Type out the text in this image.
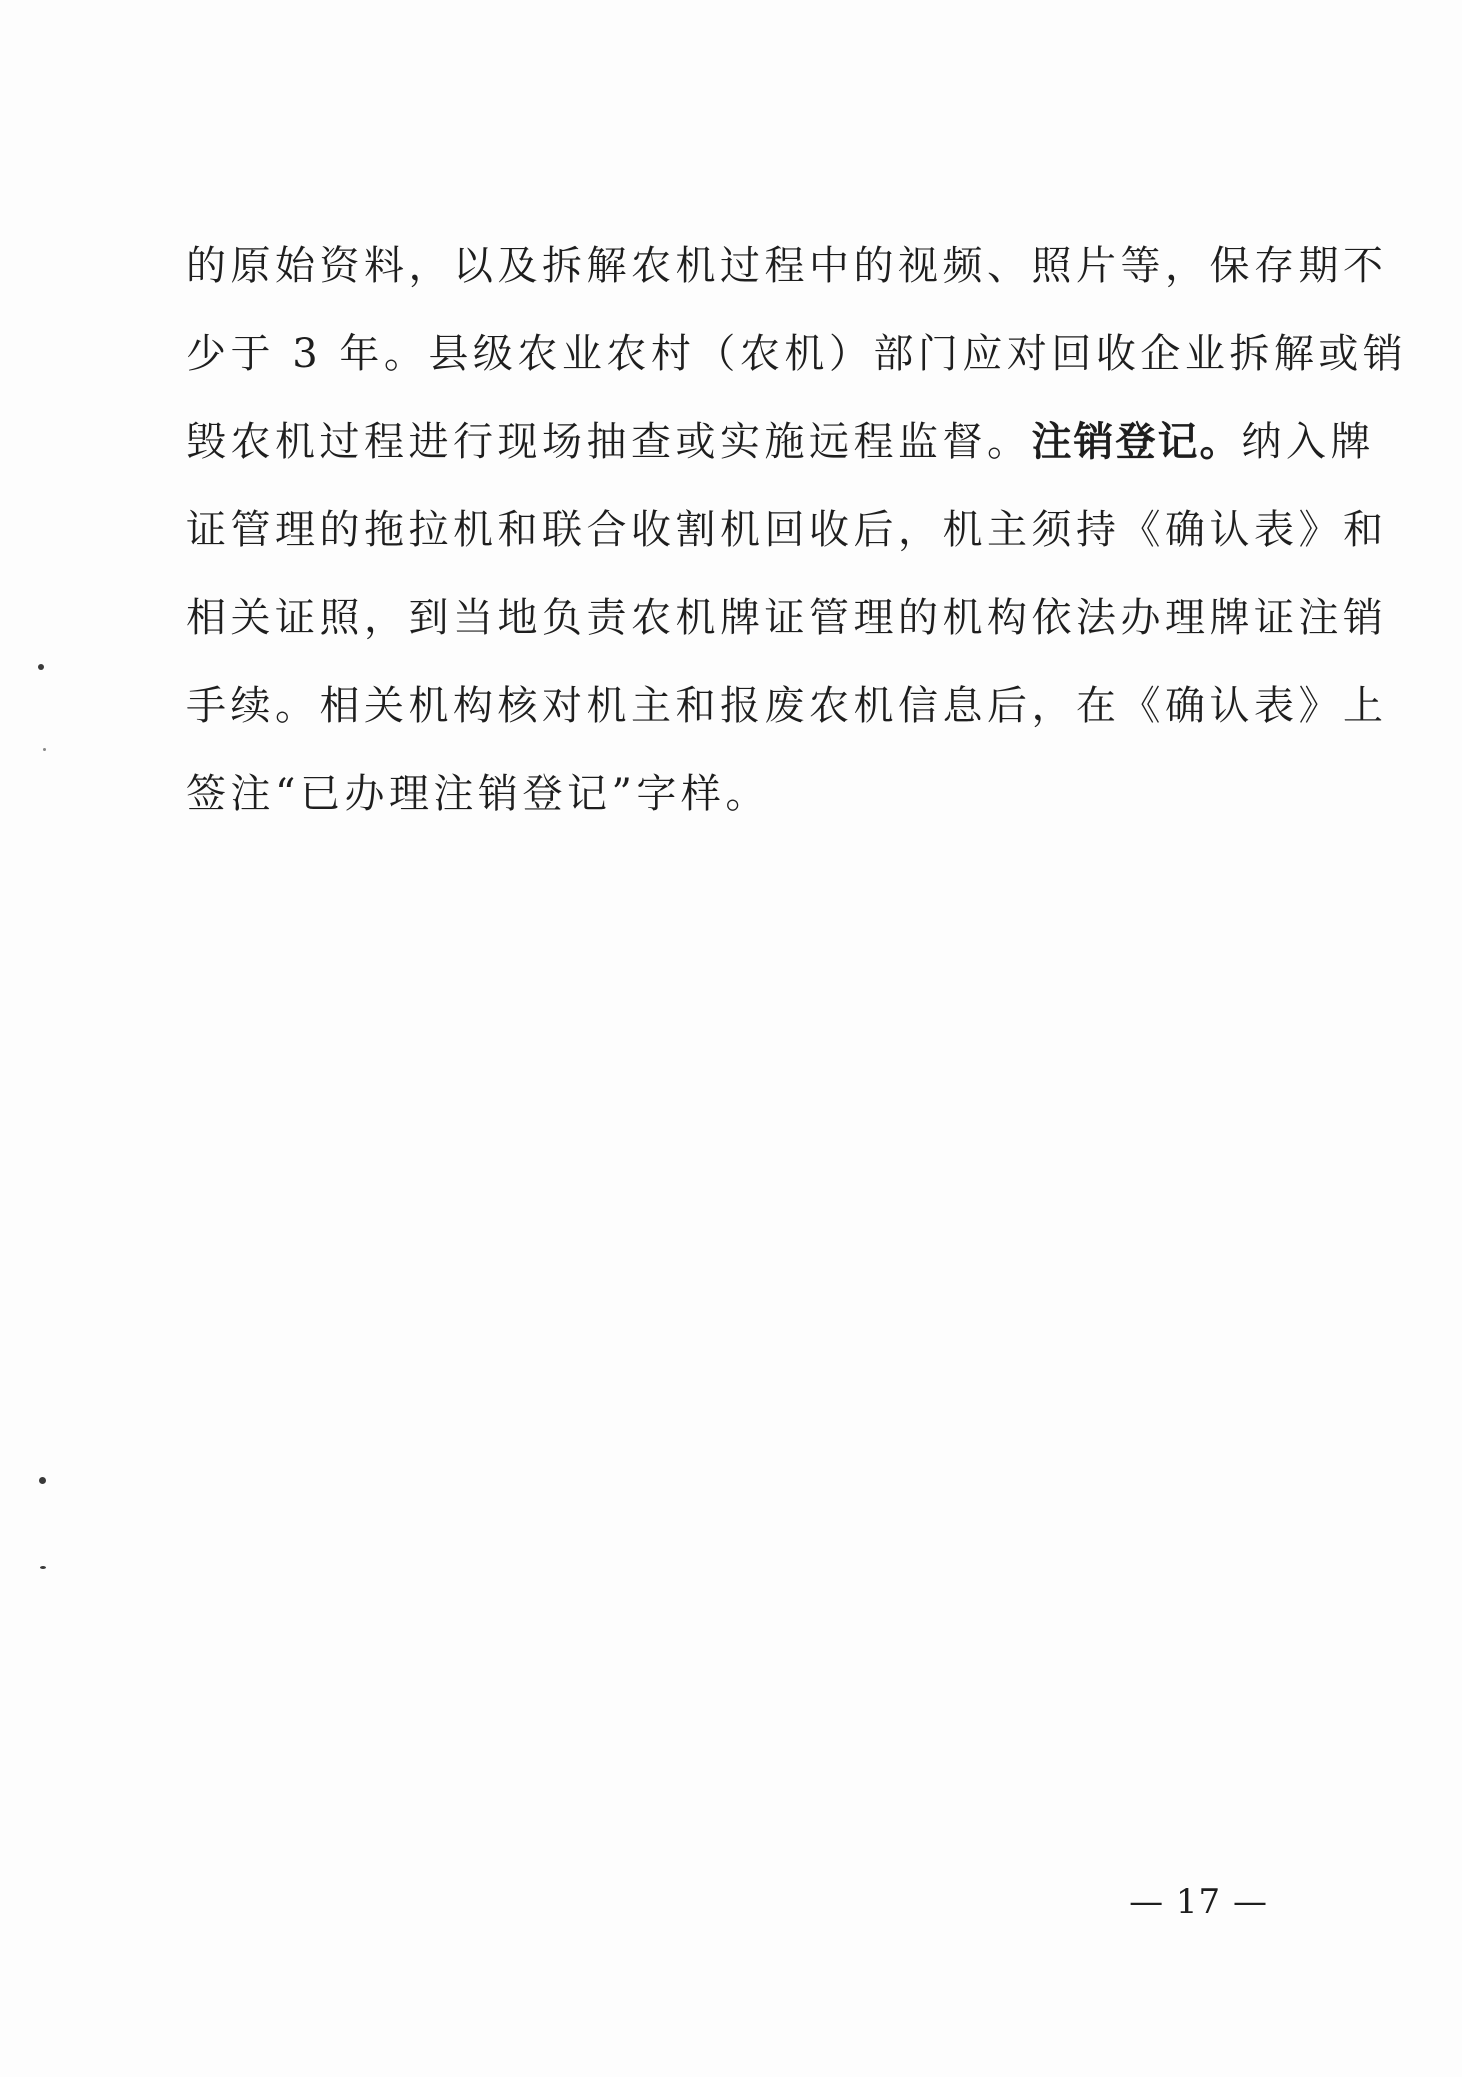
的原始资料，以及拆解农机过程中的视频、照片等，保存期不
少于 3 年。县级农业农村（农机）部门应对回收企业拆解或销
毁农机过程进行现场抽查或实施远程监督。注销登记。纳入牌
证管理的拖拉机和联合收割机回收后，机主须持《确认表》和
相关证照，到当地负责农机牌证管理的机构依法办理牌证注销
手续。相关机构核对机主和报废农机信息后，在《确认表》上
签注“已办理注销登记”字样。
— 17 —
